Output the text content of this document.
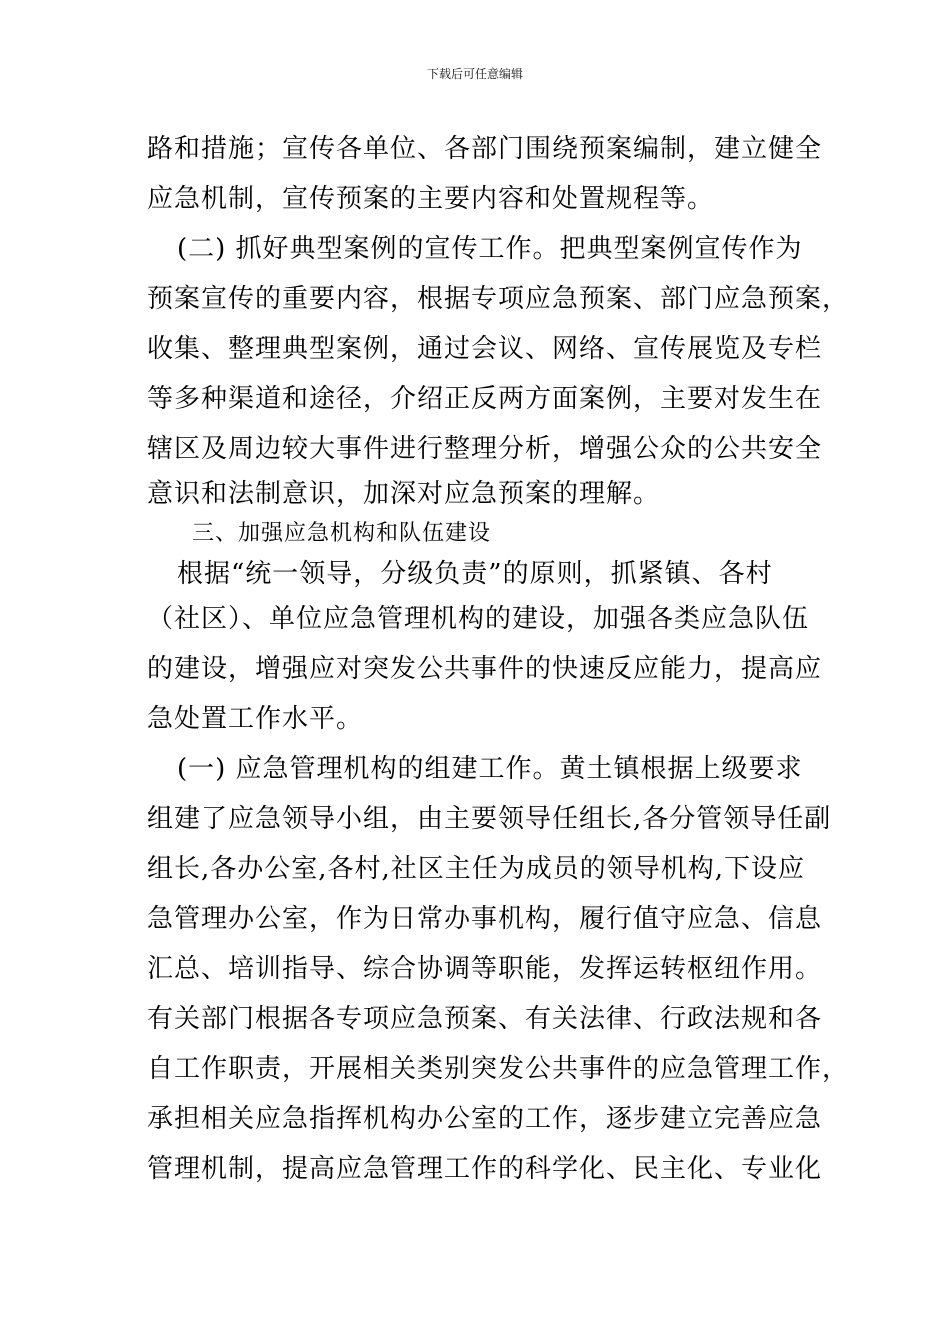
下载后可任意编辑
路和措施；宣传各单位、各部门围绕预案编制，建立健全
应急机制，宣传预案的主要内容和处置规程等。
(二) 抓好典型案例的宣传工作。把典型案例宣传作为
预案宣传的重要内容，根据专项应急预案、部门应急预案，
收集、整理典型案例，通过会议、网络、宣传展览及专栏
等多种渠道和途径，介绍正反两方面案例，主要对发生在
辖区及周边较大事件进行整理分析，增强公众的公共安全
意识和法制意识，加深对应急预案的理解。
三、加强应急机构和队伍建设
根据“统一领导，分级负责”的原则，抓紧镇、各村
（社区）、单位应急管理机构的建设，加强各类应急队伍
的建设，增强应对突发公共事件的快速反应能力，提高应
急处置工作水平。
(一) 应急管理机构的组建工作。黄土镇根据上级要求
组建了应急领导小组，由主要领导任组长,各分管领导任副
组长,各办公室,各村,社区主任为成员的领导机构,下设应
急管理办公室，作为日常办事机构，履行值守应急、信息
汇总、培训指导、综合协调等职能，发挥运转枢纽作用。
有关部门根据各专项应急预案、有关法律、行政法规和各
自工作职责，开展相关类别突发公共事件的应急管理工作，
承担相关应急指挥机构办公室的工作，逐步建立完善应急
管理机制，提高应急管理工作的科学化、民主化、专业化
